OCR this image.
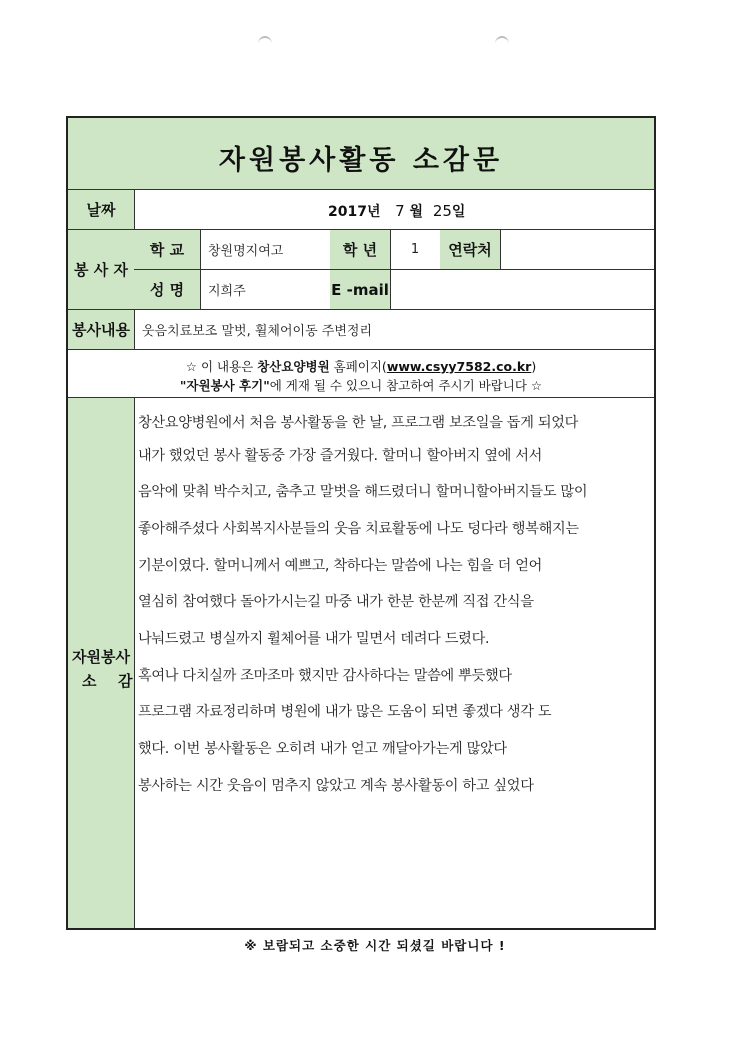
자원봉사활동 소감문
날짜	2017년 7 월 25일
봉 사 자
학 교	창원명지여고	학 년	1	연락처
성 명	지희주	E -mail
봉사내용 웃음치료보조 말벗, 휠체어이동 주변정리
☆ 이 내용은 창산요양병원 홈페이지(www.csyy7582.co.kr)
"자원봉사 후기"에 게재 될 수 있으니 참고하여 주시기 바랍니다 ☆
자원봉사
소 감
창산요양병원에서 처음 봉사활동을 한 날, 프로그램 보조일을 돕게 되었다
내가 했었던 봉사 활동중 가장 즐거웠다. 할머니 할아버지 옆에 서서
음악에 맞춰 박수치고, 춤추고 말벗을 해드렸더니 할머니할아버지들도 많이
좋아해주셨다 사회복지사분들의 웃음 치료활동에 나도 덩다라 행복해지는
기분이였다. 할머니께서 예쁘고, 착하다는 말씀에 나는 힘을 더 얻어
열심히 참여했다 돌아가시는길 마중 내가 한분 한분께 직접 간식을
나눠드렸고 병실까지 휠체어를 내가 밀면서 데려다 드렸다.
혹여나 다치실까 조마조마 했지만 감사하다는 말씀에 뿌듯했다
프로그램 자료정리하며 병원에 내가 많은 도움이 되면 좋겠다 생각 도
했다. 이번 봉사활동은 오히려 내가 얻고 깨달아가는게 많았다
봉사하는 시간 웃음이 멈추지 않았고 계속 봉사활동이 하고 싶었다
※ 보람되고 소중한 시간 되셨길 바랍니다 !
